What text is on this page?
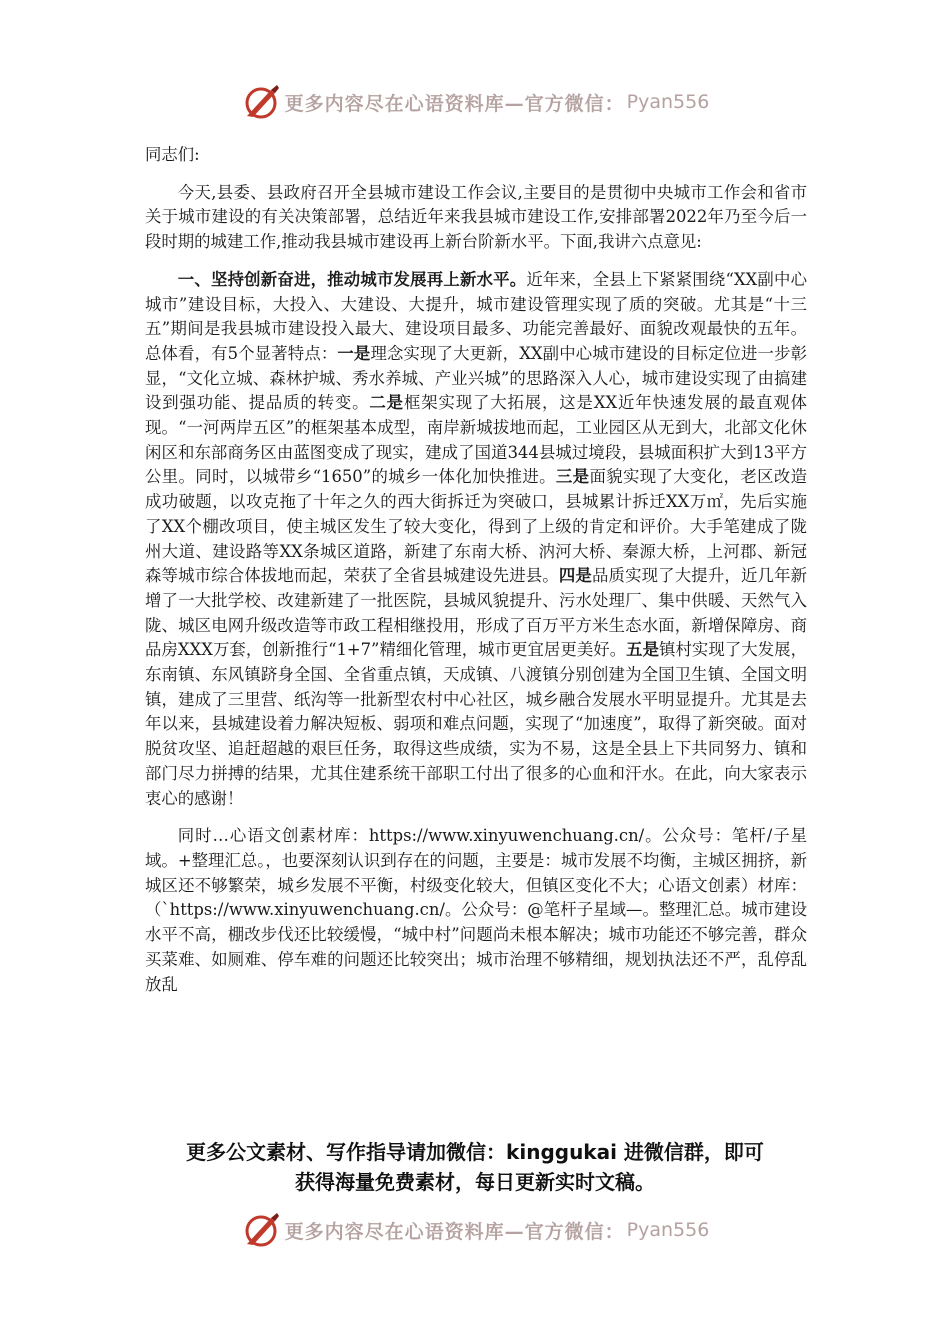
更多内容尽在心语资料库—官方微信： Pyan556

同志们:

今天,县委、县政府召开全县城市建设工作会议,主要目的是贯彻中央城市工作会和省市关于城市建设的有关决策部署，总结近年来我县城市建设工作,安排部署2022年乃至今后一段时期的城建工作,推动我县城市建设再上新台阶新水平。下面,我讲六点意见:

一、坚持创新奋进，推动城市发展再上新水平。近年来，全县上下紧紧围绕“XX副中心城市”建设目标，大投入、大建设、大提升，城市建设管理实现了质的突破。尤其是“十三五”期间是我县城市建设投入最大、建设项目最多、功能完善最好、面貌改观最快的五年。总体看，有5个显著特点：一是理念实现了大更新，XX副中心城市建设的目标定位进一步彰显，“文化立城、森林护城、秀水养城、产业兴城”的思路深入人心，城市建设实现了由搞建设到强功能、提品质的转变。二是框架实现了大拓展，这是XX近年快速发展的最直观体现。“一河两岸五区”的框架基本成型，南岸新城拔地而起，工业园区从无到大，北部文化休闲区和东部商务区由蓝图变成了现实，建成了国道344县城过境段，县城面积扩大到13平方公里。同时，以城带乡“1650”的城乡一体化加快推进。三是面貌实现了大变化，老区改造成功破题，以攻克拖了十年之久的西大街拆迁为突破口，县城累计拆迁XX万㎡，先后实施了XX个棚改项目，使主城区发生了较大变化，得到了上级的肯定和评价。大手笔建成了陇州大道、建设路等XX条城区道路，新建了东南大桥、汭河大桥、秦源大桥，上河郡、新冠森等城市综合体拔地而起，荣获了全省县城建设先进县。四是品质实现了大提升，近几年新增了一大批学校、改建新建了一批医院，县城风貌提升、污水处理厂、集中供暖、天然气入陇、城区电网升级改造等市政工程相继投用，形成了百万平方米生态水面，新增保障房、商品房XXX万套，创新推行“1+7”精细化管理，城市更宜居更美好。五是镇村实现了大发展，东南镇、东风镇跻身全国、全省重点镇，天成镇、八渡镇分别创建为全国卫生镇、全国文明镇，建成了三里营、纸沟等一批新型农村中心社区，城乡融合发展水平明显提升。尤其是去年以来，县城建设着力解决短板、弱项和难点问题，实现了“加速度”，取得了新突破。面对脱贫攻坚、追赶超越的艰巨任务，取得这些成绩，实为不易，这是全县上下共同努力、镇和部门尽力拼搏的结果，尤其住建系统干部职工付出了很多的心血和汗水。在此，向大家表示衷心的感谢！

同时…心语文创素材库：https://www.xinyuwenchuang.cn/。公众号：笔杆/子星域。+整理汇总。，也要深刻认识到存在的问题，主要是：城市发展不均衡，主城区拥挤，新城区还不够繁荣，城乡发展不平衡，村级变化较大，但镇区变化不大；心语文创素）材库：（`https://www.xinyuwenchuang.cn/。公众号：@笔杆子星域—。整理汇总。城市建设水平不高，棚改步伐还比较缓慢，“城中村”问题尚未根本解决；城市功能还不够完善，群众买菜难、如厕难、停车难的问题还比较突出；城市治理不够精细，规划执法还不严，乱停乱放乱

更多公文素材、写作指导请加微信：kinggukai 进微信群，即可
获得海量免费素材，每日更新实时文稿。
更多内容尽在心语资料库—官方微信： Pyan556
